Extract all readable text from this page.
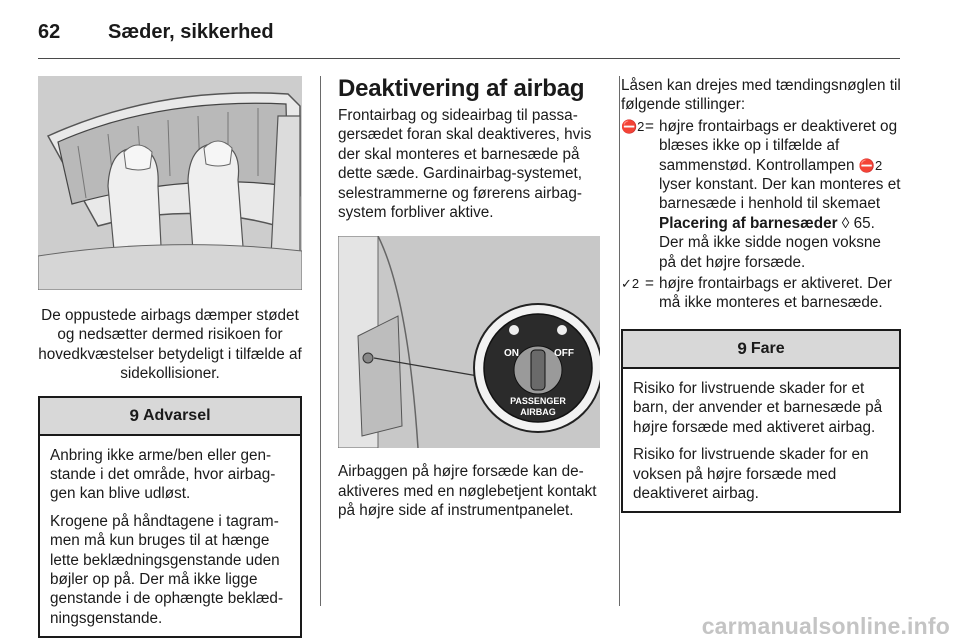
62	Sæder, sikkerhed

De oppustede airbags dæmper stødet og nedsætter dermed risikoen for hovedkvæstelser betydeligt i tilfælde af sidekollisioner.

9 Advarsel

Anbring ikke arme/ben eller genstande i det område, hvor airbaggen kan blive udløst.

Krogene på håndtagene i tagrammen må kun bruges til at hænge lette beklædningsgenstande uden bøjler op på. Der må ikke ligge genstande i de ophængte beklædningsgenstande.

Deaktivering af airbag

Frontairbag og sideairbag til passagersædet foran skal deaktiveres, hvis der skal monteres et barnesæde på dette sæde. Gardinairbag-systemet, selestrammerne og førerens airbagsystem forbliver aktive.

ON	OFF
PASSENGER
AIRBAG

Airbaggen på højre forsæde kan deaktiveres med en nøglebetjent kontakt på højre side af instrumentpanelet.

Låsen kan drejes med tændingsnøglen til følgende stillinger:

⛔2 = højre frontairbags er deaktiveret og blæses ikke op i tilfælde af sammenstød. Kontrollampen ⛔2 lyser konstant. Der kan monteres et barnesæde i henhold til skemaet Placering af barnesæder ◊ 65. Der må ikke sidde nogen voksne på det højre forsæde.
✓2 = højre frontairbags er aktiveret. Der må ikke monteres et barnesæde.
9 Fare

Risiko for livstruende skader for et barn, der anvender et barnesæde på højre forsæde med aktiveret airbag.

Risiko for livstruende skader for en voksen på højre forsæde med deaktiveret airbag.

carmanualsonline.info
